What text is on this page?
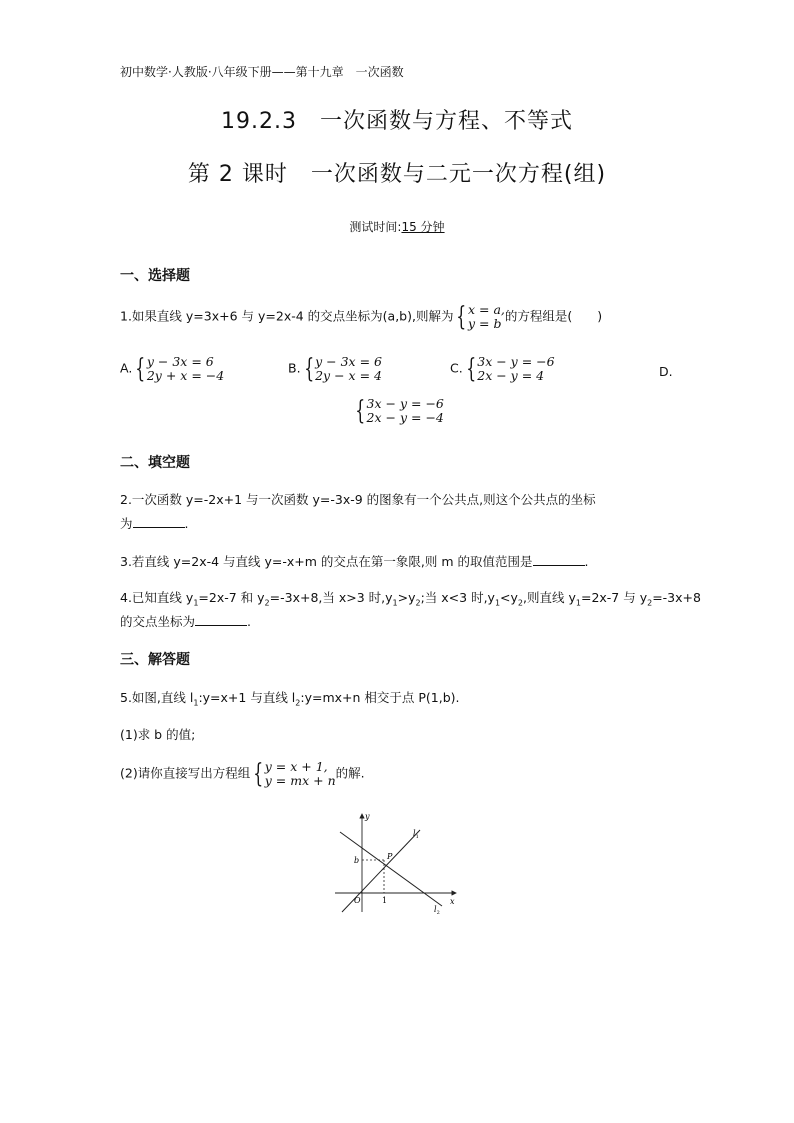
初中数学·人教版·八年级下册——第十九章　一次函数
19.2.3　一次函数与方程、不等式
第 2 课时　一次函数与二元一次方程(组)
测试时间:15 分钟
一、选择题
1.如果直线 y=3x+6 与 y=2x-4 的交点坐标为(a,b),则解为 { x = a,
y = b 的方程组是(　　)
A. { y − 3x = 6
2y + x = −4	B. { y − 3x = 6
2y − x = 4	C. { 3x − y = −6
2x − y = 4	D.
{ 3x − y = −6
2x − y = −4
二、填空题
2.一次函数 y=-2x+1 与一次函数 y=-3x-9 的图象有一个公共点,则这个公共点的坐标
为	.
3.若直线 y=2x-4 与直线 y=-x+m 的交点在第一象限,则 m 的取值范围是	.
4.已知直线 $y_1=2x-7$ 和 $y_2=-3x+8$,当 x>3 时$,y_1>y_2$;当 x<3 时$,y_1<y_2$,则直线 $y_1=2x-7$ 与 $y_2=-3x+8$
的交点坐标为	.
三、解答题
5.如图,直线 $l_1:y=x+1$ 与直线 $l_2:y=mx+n$ 相交于点 P(1,b).
(1)求 b 的值;
(2)请你直接写出方程组 { y = x + 1,
y = mx + n 的解.
y
x
O
b
1
P
$l_1$
$l_2$
